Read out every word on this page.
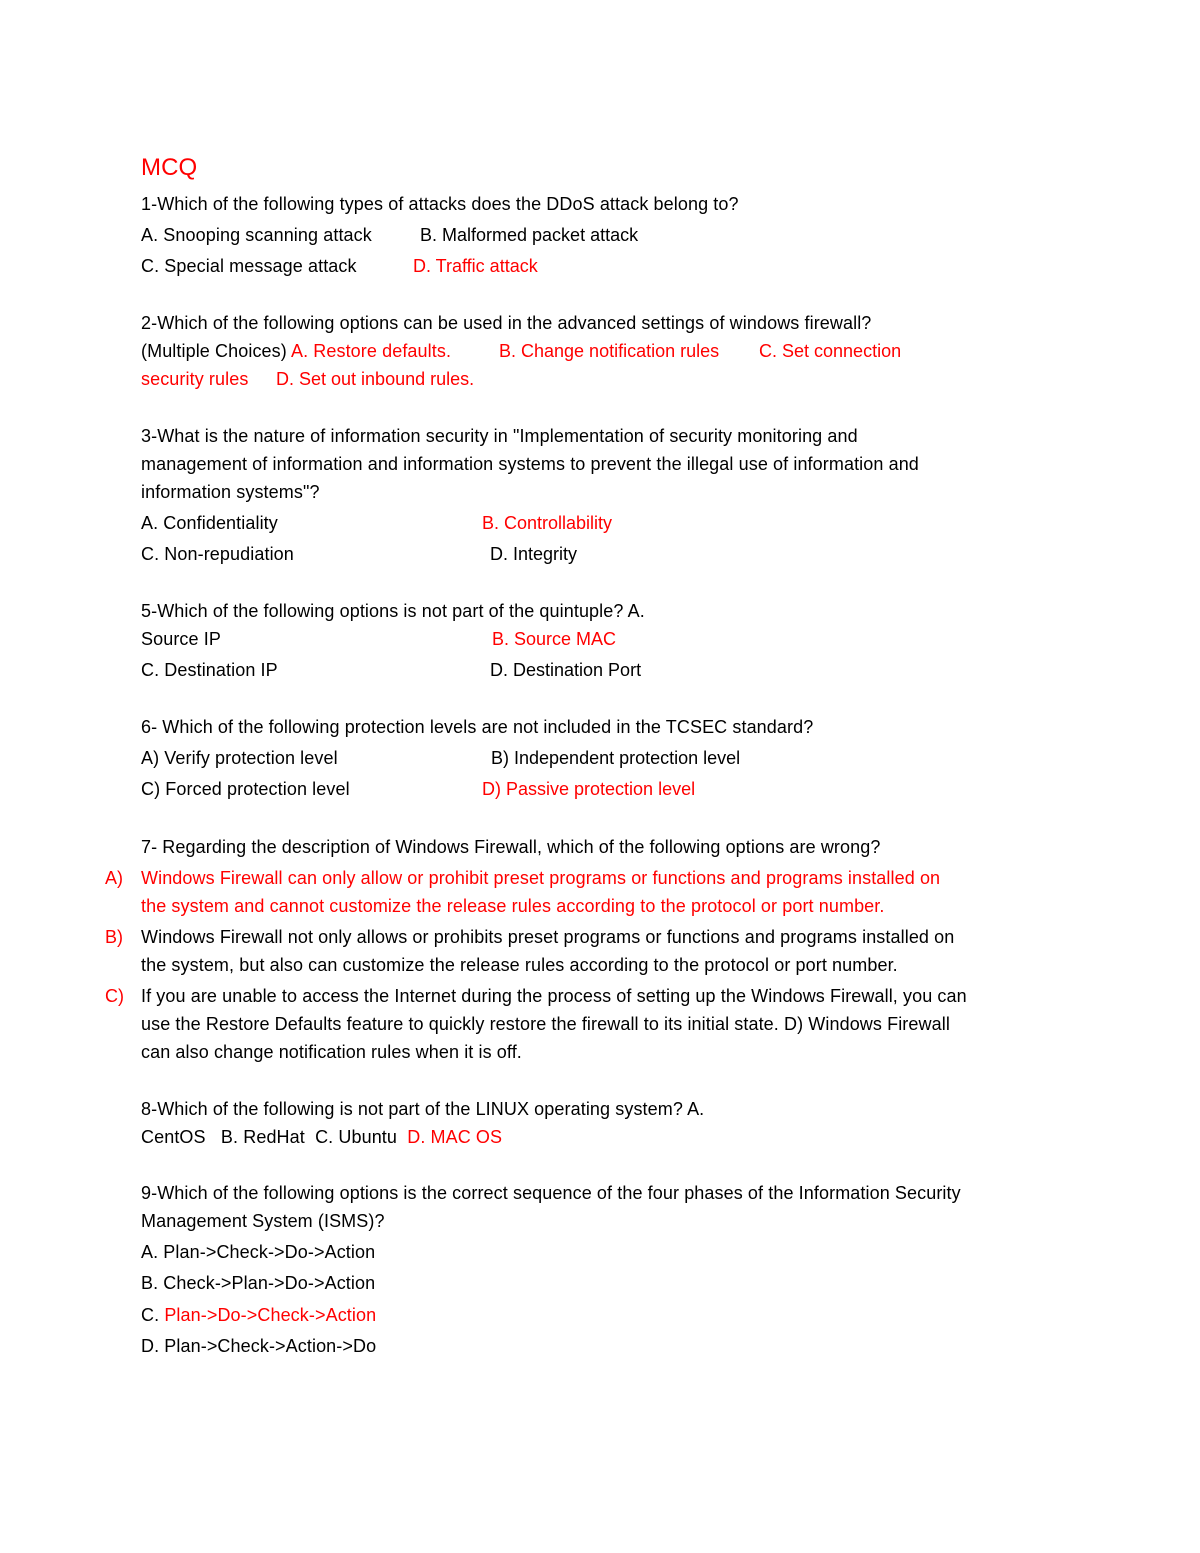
MCQ
1-Which of the following types of attacks does the DDoS attack belong to?
A. Snooping scanning attack	B. Malformed packet attack
C. Special message attack	D. Traffic attack
2-Which of the following options can be used in the advanced settings of windows firewall?
(Multiple Choices) A. Restore defaults.	B. Change notification rules C. Set connection
security rules D. Set out inbound rules.
3-What is the nature of information security in "Implementation of security monitoring and
management of information and information systems to prevent the illegal use of information and
information systems"?
A. Confidentiality	B. Controllability
C. Non-repudiation	D. Integrity
5-Which of the following options is not part of the quintuple? A.
Source IP	B. Source MAC
C. Destination IP	D. Destination Port
6- Which of the following protection levels are not included in the TCSEC standard?
A) Verify protection level	B) Independent protection level
C) Forced protection level	D) Passive protection level
7- Regarding the description of Windows Firewall, which of the following options are wrong?
A) Windows Firewall can only allow or prohibit preset programs or functions and programs installed on
the system and cannot customize the release rules according to the protocol or port number.
B) Windows Firewall not only allows or prohibits preset programs or functions and programs installed on
the system, but also can customize the release rules according to the protocol or port number.
C) If you are unable to access the Internet during the process of setting up the Windows Firewall, you can
use the Restore Defaults feature to quickly restore the firewall to its initial state. D) Windows Firewall
can also change notification rules when it is off.
8-Which of the following is not part of the LINUX operating system? A.
CentOS   B. RedHat  C. Ubuntu D. MAC OS
9-Which of the following options is the correct sequence of the four phases of the Information Security
Management System (ISMS)?
A. Plan->Check->Do->Action
B. Check->Plan->Do->Action
C. Plan->Do->Check->Action
D. Plan->Check->Action->Do
